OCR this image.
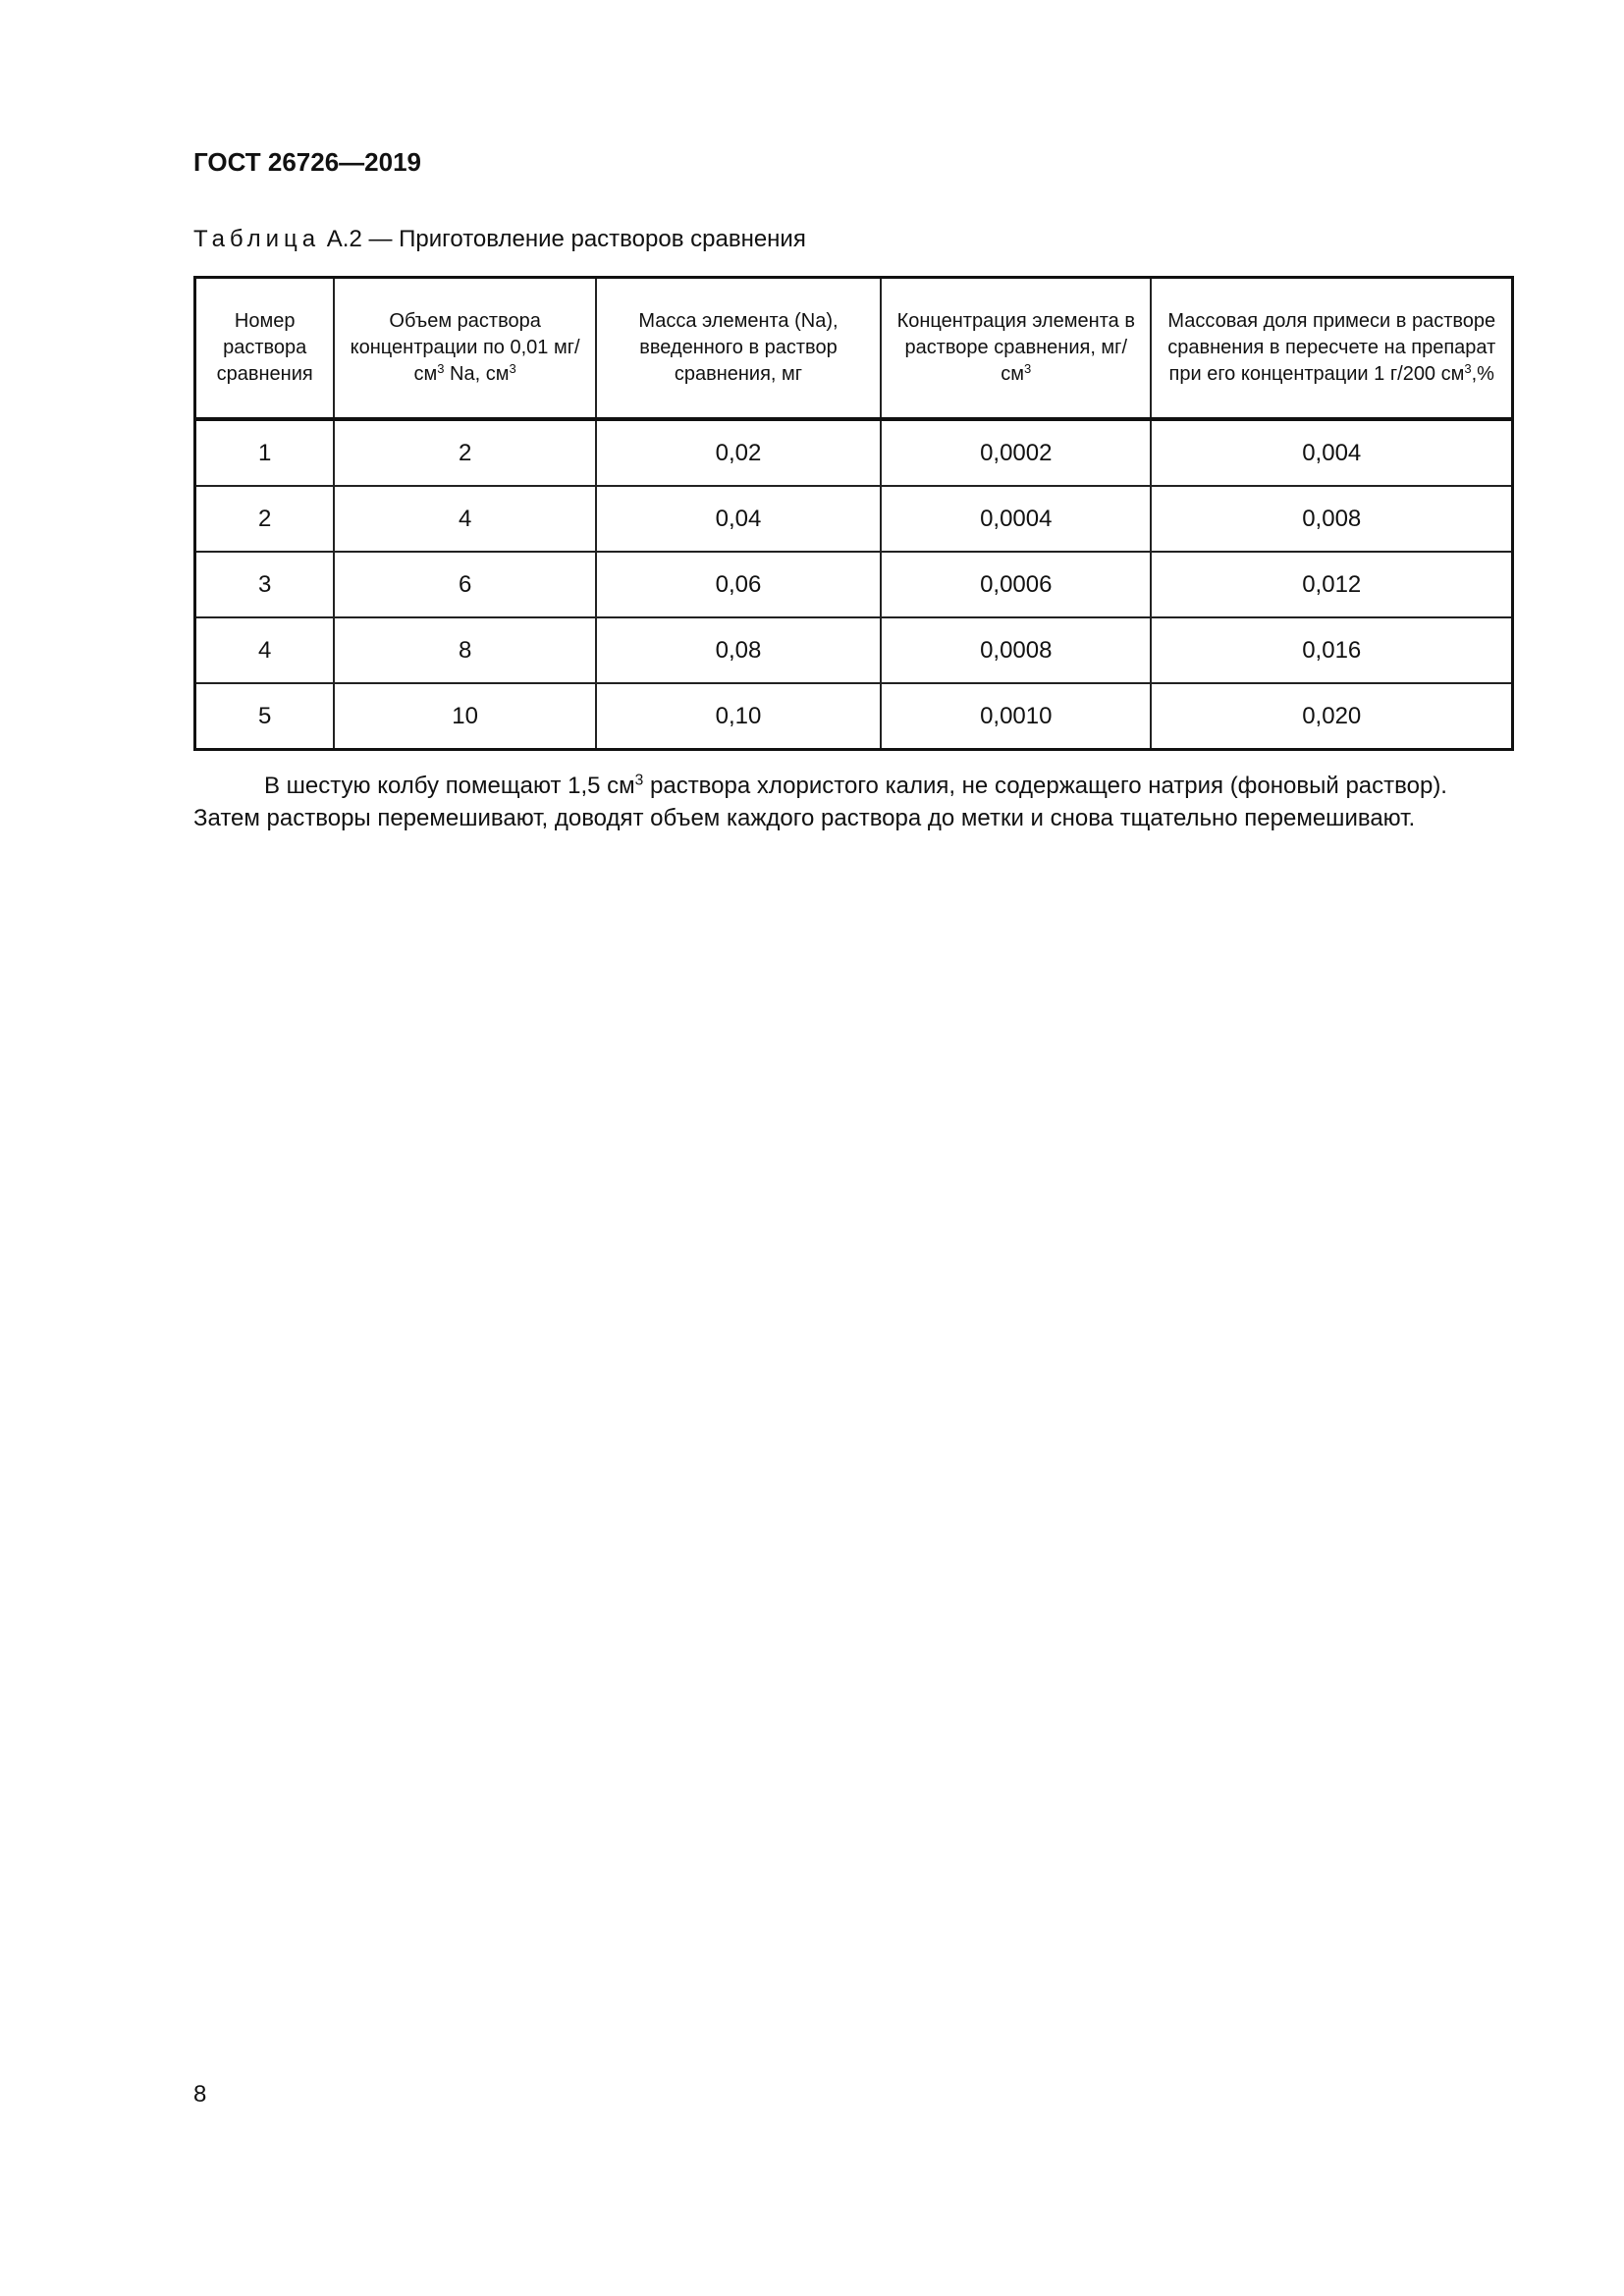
ГОСТ 26726—2019
Таблица А.2 — Приготовление растворов сравнения
Номер раствора сравнения	Объем раствора концентрации по 0,01 $мг/см^3$ Na, $см^3$	Масса элемента (Na), введенного в раствор сравнения, мг	Концентрация элемента в растворе сравнения, $мг/см^3$	Массовая доля примеси в растворе сравнения в пересчете на препарат при его концентрации 1 г/200 $см^3,\%$
1	2	0,02	0,0002	0,004
2	4	0,04	0,0004	0,008
3	6	0,06	0,0006	0,012
4	8	0,08	0,0008	0,016
5	10	0,10	0,0010	0,020

В шестую колбу помещают 1,5 $см^3$ раствора хлористого калия, не содержащего натрия (фоновый раствор).

Затем растворы перемешивают, доводят объем каждого раствора до метки и снова тщательно перемешивают.

8
